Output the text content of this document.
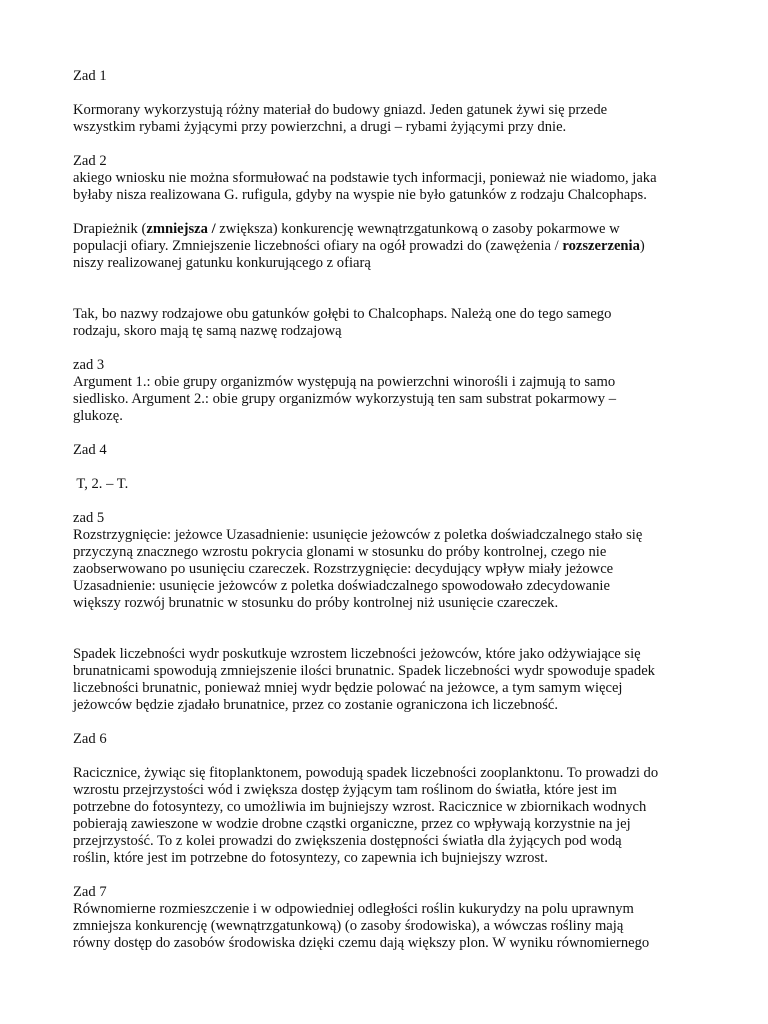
Zad 1
Kormorany wykorzystują różny materiał do budowy gniazd. Jeden gatunek żywi się przede
wszystkim rybami żyjącymi przy powierzchni, a drugi – rybami żyjącymi przy dnie.
Zad 2
akiego wniosku nie można sformułować na podstawie tych informacji, ponieważ nie wiadomo, jaka
byłaby nisza realizowana G. rufigula, gdyby na wyspie nie było gatunków z rodzaju Chalcophaps.
Drapieżnik (zmniejsza / zwiększa) konkurencję wewnątrzgatunkową o zasoby pokarmowe w
populacji ofiary. Zmniejszenie liczebności ofiary na ogół prowadzi do (zawężenia / rozszerzenia)
niszy realizowanej gatunku konkurującego z ofiarą
Tak, bo nazwy rodzajowe obu gatunków gołębi to Chalcophaps. Należą one do tego samego
rodzaju, skoro mają tę samą nazwę rodzajową
zad 3
Argument 1.: obie grupy organizmów występują na powierzchni winorośli i zajmują to samo
siedlisko. Argument 2.: obie grupy organizmów wykorzystują ten sam substrat pokarmowy –
glukozę.
Zad 4
T, 2. – T.
zad 5
Rozstrzygnięcie: jeżowce Uzasadnienie: usunięcie jeżowców z poletka doświadczalnego stało się
przyczyną znacznego wzrostu pokrycia glonami w stosunku do próby kontrolnej, czego nie
zaobserwowano po usunięciu czareczek. Rozstrzygnięcie: decydujący wpływ miały jeżowce
Uzasadnienie: usunięcie jeżowców z poletka doświadczalnego spowodowało zdecydowanie
większy rozwój brunatnic w stosunku do próby kontrolnej niż usunięcie czareczek.
Spadek liczebności wydr poskutkuje wzrostem liczebności jeżowców, które jako odżywiające się
brunatnicami spowodują zmniejszenie ilości brunatnic. Spadek liczebności wydr spowoduje spadek
liczebności brunatnic, ponieważ mniej wydr będzie polować na jeżowce, a tym samym więcej
jeżowców będzie zjadało brunatnice, przez co zostanie ograniczona ich liczebność.
Zad 6
Racicznice, żywiąc się fitoplanktonem, powodują spadek liczebności zooplanktonu. To prowadzi do
wzrostu przejrzystości wód i zwiększa dostęp żyjącym tam roślinom do światła, które jest im
potrzebne do fotosyntezy, co umożliwia im bujniejszy wzrost. Racicznice w zbiornikach wodnych
pobierają zawieszone w wodzie drobne cząstki organiczne, przez co wpływają korzystnie na jej
przejrzystość. To z kolei prowadzi do zwiększenia dostępności światła dla żyjących pod wodą
roślin, które jest im potrzebne do fotosyntezy, co zapewnia ich bujniejszy wzrost.
Zad 7
Równomierne rozmieszczenie i w odpowiedniej odległości roślin kukurydzy na polu uprawnym
zmniejsza konkurencję (wewnątrzgatunkową) (o zasoby środowiska), a wówczas rośliny mają
równy dostęp do zasobów środowiska dzięki czemu dają większy plon. W wyniku równomiernego
